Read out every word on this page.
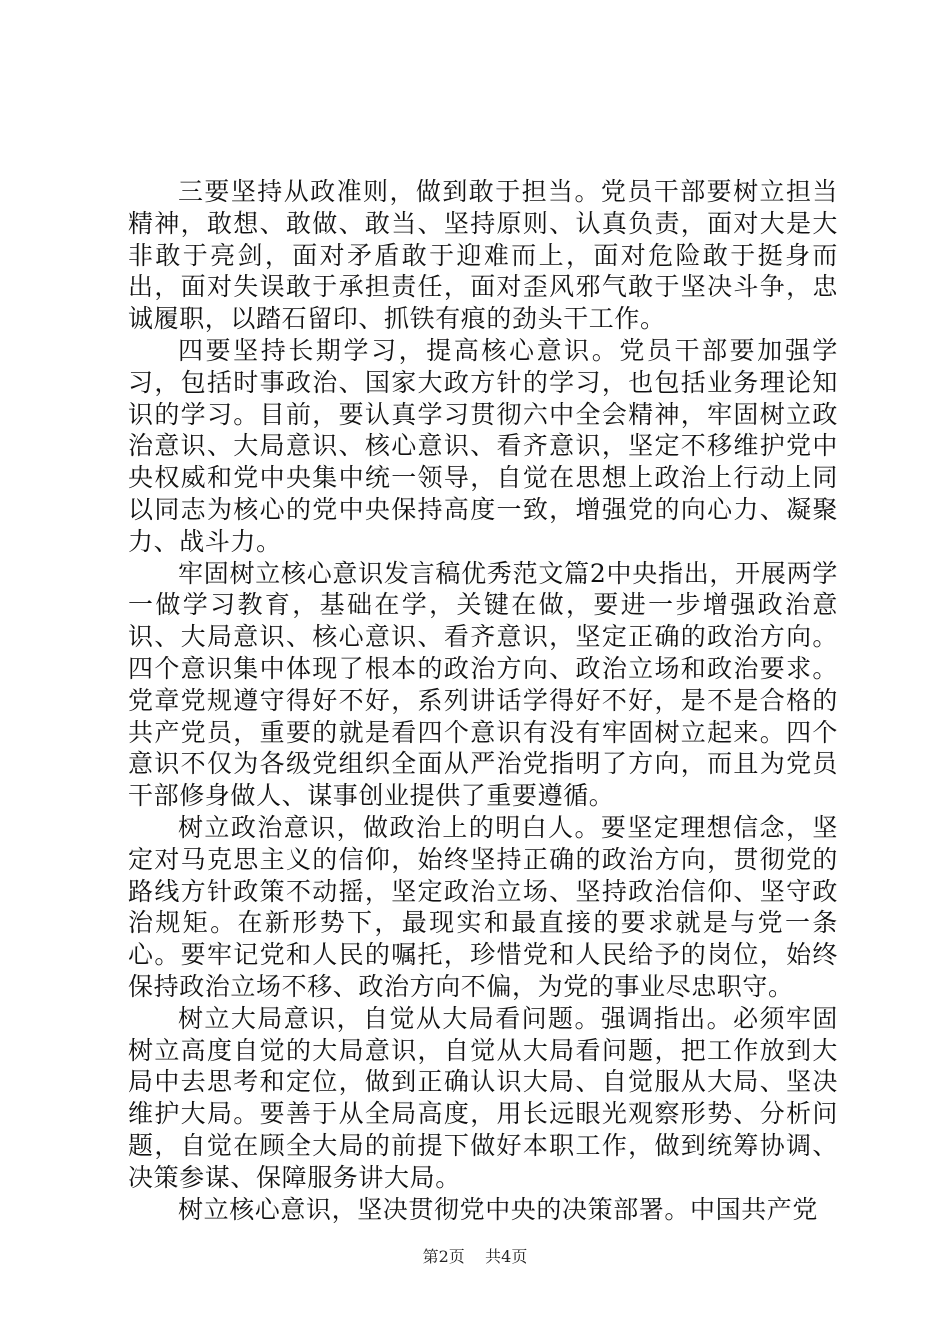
三要坚持从政准则，做到敢于担当。党员干部要树立担当精神，敢想、敢做、敢当、坚持原则、认真负责，面对大是大非敢于亮剑，面对矛盾敢于迎难而上，面对危险敢于挺身而出，面对失误敢于承担责任，面对歪风邪气敢于坚决斗争，忠诚履职，以踏石留印、抓铁有痕的劲头干工作。

四要坚持长期学习，提高核心意识。党员干部要加强学习，包括时事政治、国家大政方针的学习，也包括业务理论知识的学习。目前，要认真学习贯彻六中全会精神，牢固树立政治意识、大局意识、核心意识、看齐意识，坚定不移维护党中央权威和党中央集中统一领导，自觉在思想上政治上行动上同以同志为核心的党中央保持高度一致，增强党的向心力、凝聚力、战斗力。

牢固树立核心意识发言稿优秀范文篇2中央指出，开展两学一做学习教育，基础在学，关键在做，要进一步增强政治意识、大局意识、核心意识、看齐意识，坚定正确的政治方向。四个意识集中体现了根本的政治方向、政治立场和政治要求。党章党规遵守得好不好，系列讲话学得好不好，是不是合格的共产党员，重要的就是看四个意识有没有牢固树立起来。四个意识不仅为各级党组织全面从严治党指明了方向，而且为党员干部修身做人、谋事创业提供了重要遵循。

树立政治意识，做政治上的明白人。要坚定理想信念，坚定对马克思主义的信仰，始终坚持正确的政治方向，贯彻党的路线方针政策不动摇，坚定政治立场、坚持政治信仰、坚守政治规矩。在新形势下，最现实和最直接的要求就是与党一条心。要牢记党和人民的嘱托，珍惜党和人民给予的岗位，始终保持政治立场不移、政治方向不偏，为党的事业尽忠职守。

树立大局意识，自觉从大局看问题。强调指出。必须牢固树立高度自觉的大局意识，自觉从大局看问题，把工作放到大局中去思考和定位，做到正确认识大局、自觉服从大局、坚决维护大局。要善于从全局高度，用长远眼光观察形势、分析问题，自觉在顾全大局的前提下做好本职工作，做到统筹协调、决策参谋、保障服务讲大局。

树立核心意识，坚决贯彻党中央的决策部署。中国共产党

第2页 共4页
